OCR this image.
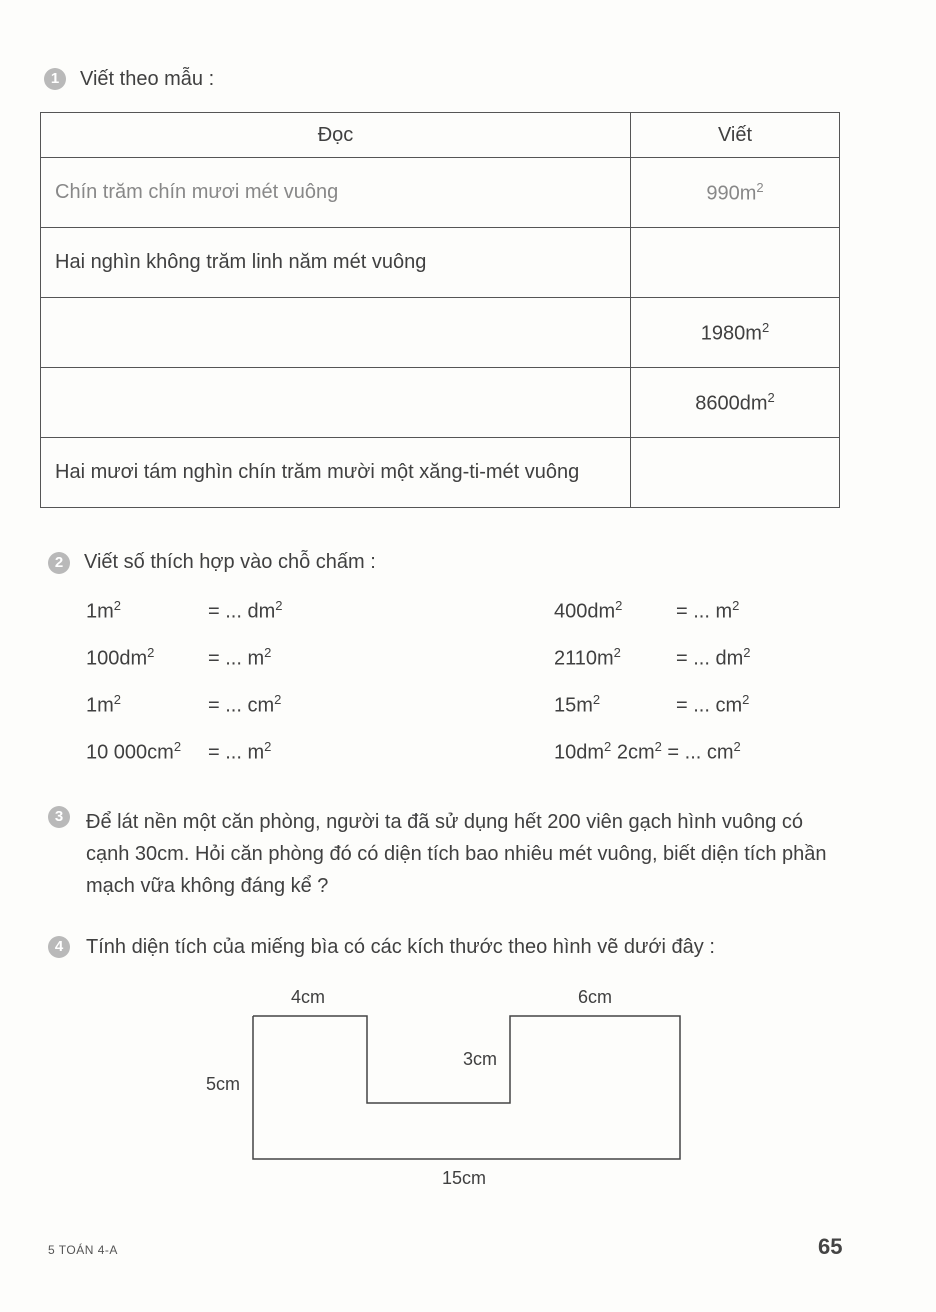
1	Viết theo mẫu :
Đọc	Viết
Chín trăm chín mươi mét vuông	$990m^2$
Hai nghìn không trăm linh năm mét vuông	
	$1980m^2$
	$8600dm^2$
Hai mươi tám nghìn chín trăm mười một xăng-ti-mét vuông	
2	Viết số thích hợp vào chỗ chấm :
$1m^2$	= ... $dm^2$
$100dm^2$	= ... $m^2$
$1m^2$	= ... $cm^2$
10 $000cm^2$ = ... $m^2$
$400dm^2$	= ... $m^2$
$2110m^2$	= ... $dm^2$
$15m^2$	= ... $cm^2$
$10dm^2$ $2cm^2$ = ... $cm^2$
3	Để lát nền một căn phòng, người ta đã sử dụng hết 200 viên gạch hình vuông có cạnh 30cm. Hỏi căn phòng đó có diện tích bao nhiêu mét vuông, biết diện tích phần mạch vữa không đáng kể ?
4	Tính diện tích của miếng bìa có các kích thước theo hình vẽ dưới đây :
4cm	6cm
5cm
3cm
15cm
5 TOÁN 4-A	65
